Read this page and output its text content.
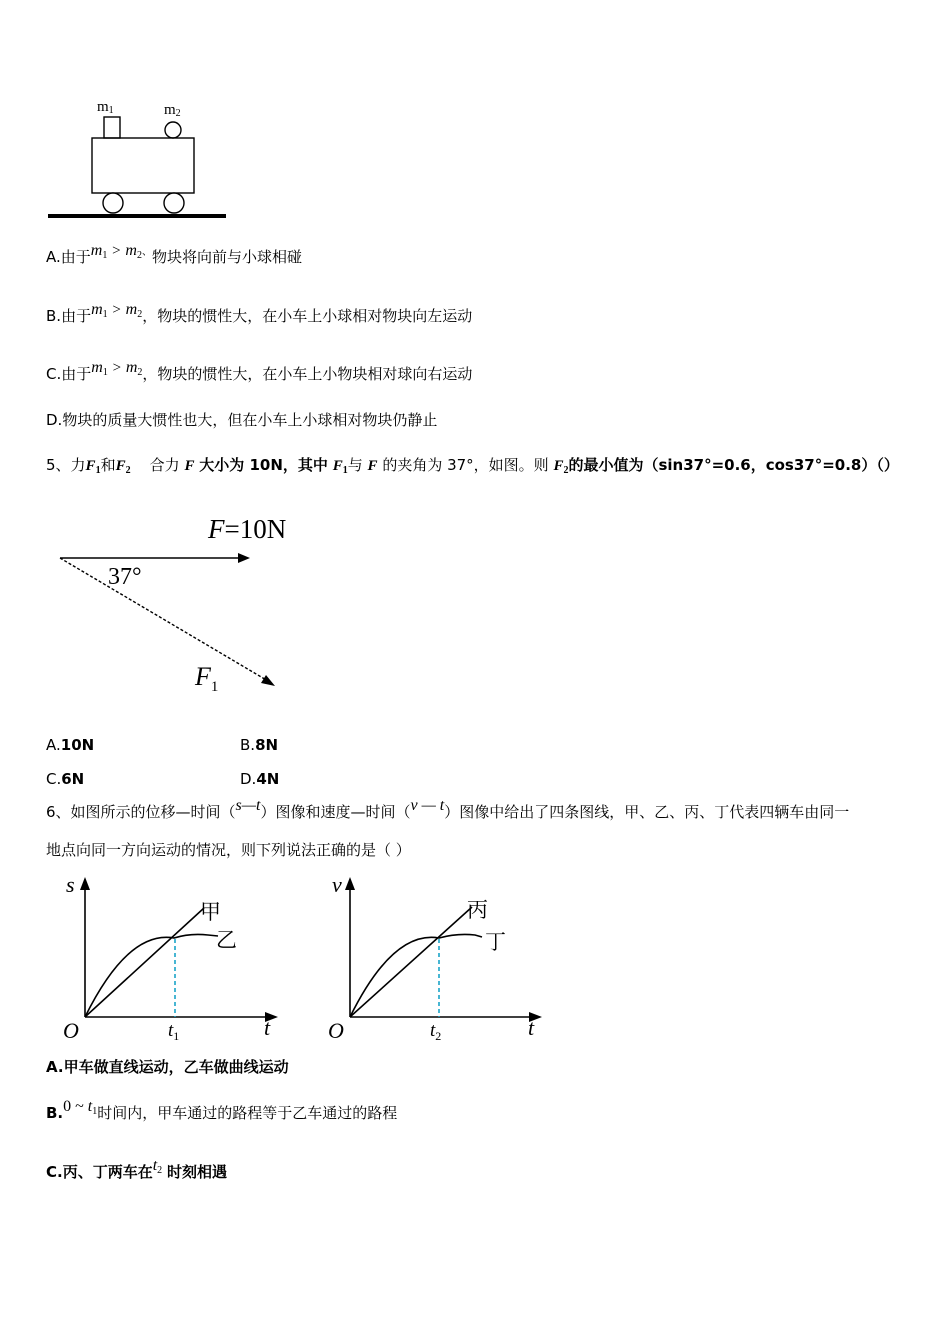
m1	m2
A.由于$m_1 > m_2$、物块将向前与小球相碰
B.由于$m_1 > m_2$，物块的惯性大，在小车上小球相对物块向左运动
C.由于$m_1 > m_2$，物块的惯性大，在小车上小物块相对球向右运动
D.物块的质量大惯性也大，但在小车上小球相对物块仍静止
5、力$F_1$和$F_2$ 合力 F 大小为 10N，其中 $F_1$与 F 的夹角为 37°，如图。则 $F_2$的最小值为（sin37°=0.6，cos37°=0.8）（）
F=10N
37°
$F_1$
A.10N	B.8N
C.6N	D.4N
6、如图所示的位移—时间（s—t）图像和速度—时间（v — t）图像中给出了四条图线，甲、乙、丙、丁代表四辆车由同一
地点向同一方向运动的情况，则下列说法正确的是（ ）
s
t
O
甲
乙
$t_1$
v
t
O
丙
丁
$t_2$
A.甲车做直线运动，乙车做曲线运动
B.0 ~ $t_1$时间内，甲车通过的路程等于乙车通过的路程
C.丙、丁两车在$t_2$ 时刻相遇
